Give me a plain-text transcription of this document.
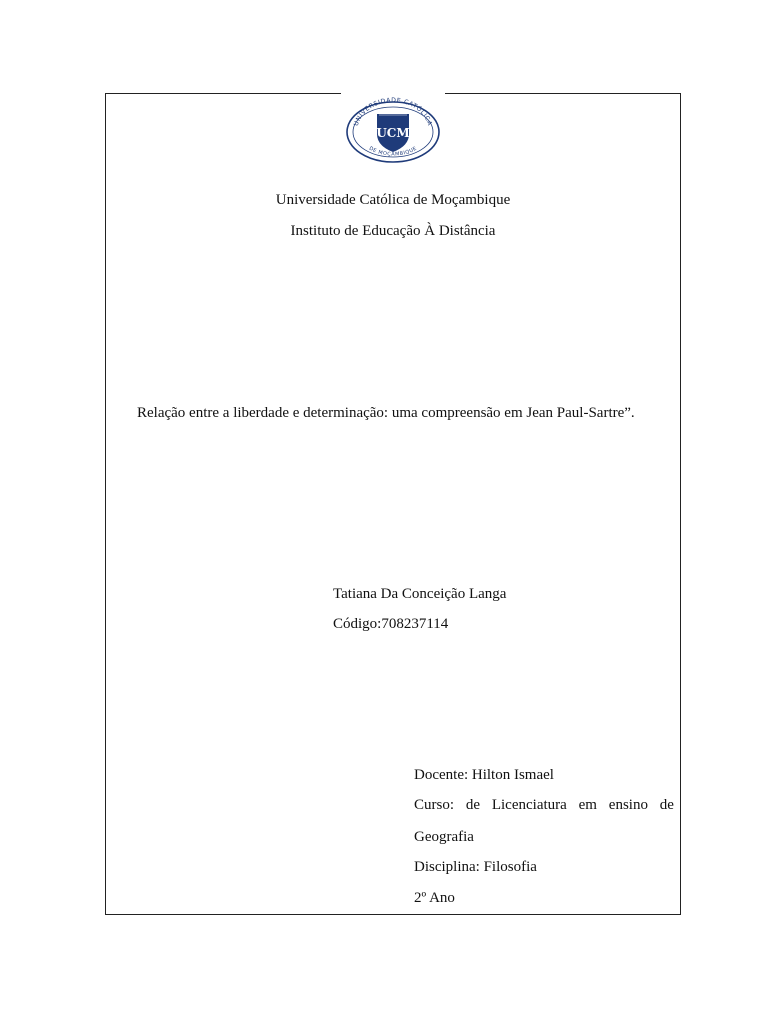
UNIVERSIDADE CATÓLICA
DE MOÇAMBIQUE
UCM

Universidade Católica de Moçambique

Instituto de Educação À Distância

Relação entre a liberdade e determinação: uma compreensão em Jean Paul-Sartre”.

Tatiana Da Conceição Langa

Código:708237114

Docente: Hilton Ismael

Curso: de Licenciatura em ensino de

Geografia

Disciplina: Filosofia

2º Ano
